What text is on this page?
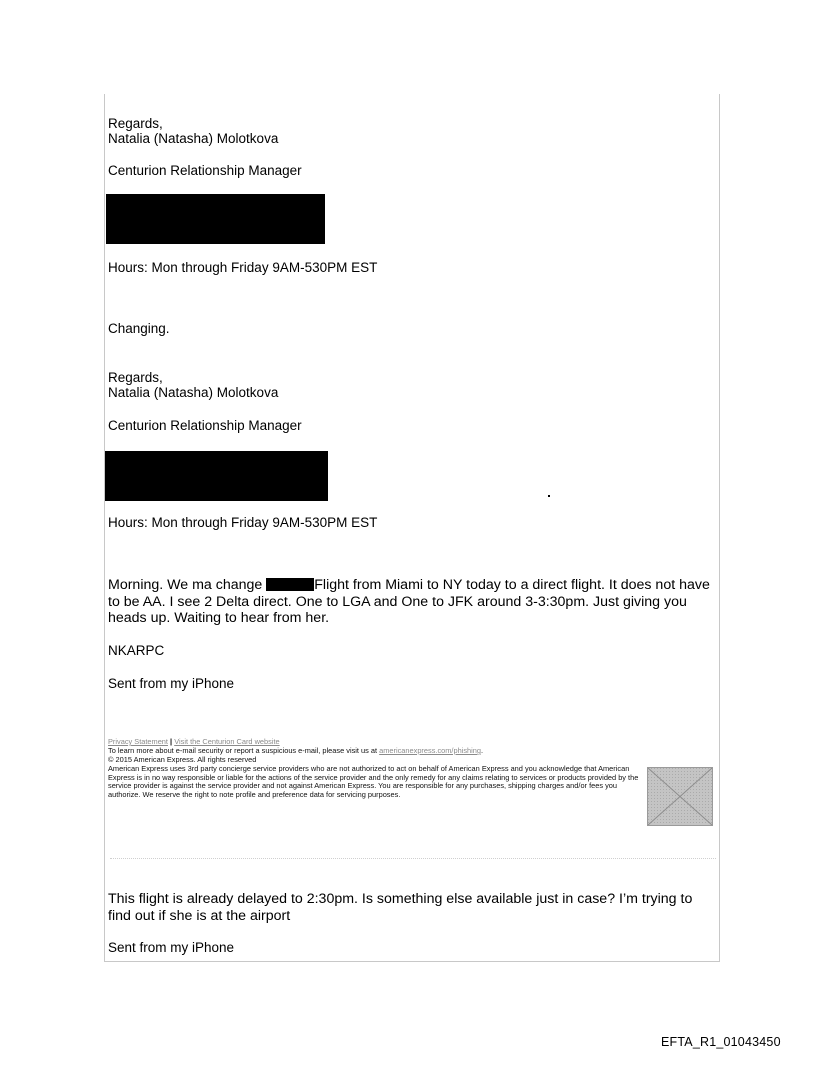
Regards,
Natalia (Natasha) Molotkova
Centurion Relationship Manager
Hours: Mon through Friday 9AM-530PM EST
Changing.
Regards,
Natalia (Natasha) Molotkova
Centurion Relationship Manager
Hours: Mon through Friday 9AM-530PM EST
Morning. We ma change	Flight from Miami to NY today to a direct flight. It does not have to be AA. I see 2 Delta direct. One to LGA and One to JFK around 3-3:30pm. Just giving you heads up. Waiting to hear from her.
NKARPC
Sent from my iPhone
Privacy Statement | Visit the Centurion Card website
To learn more about e-mail security or report a suspicious e-mail, please visit us at americanexpress.com/phishing.
© 2015 American Express. All rights reserved
American Express uses 3rd party concierge service providers who are not authorized to act on behalf of American Express and you acknowledge that American Express is in no way responsible or liable for the actions of the service provider and the only remedy for any claims relating to services or products provided by the service provider is against the service provider and not against American Express. You are responsible for any purchases, shipping charges and/or fees you authorize. We reserve the right to note profile and preference data for servicing purposes.
This flight is already delayed to 2:30pm. Is something else available just in case? I’m trying to find out if she is at the airport
Sent from my iPhone
EFTA_R1_01043450
